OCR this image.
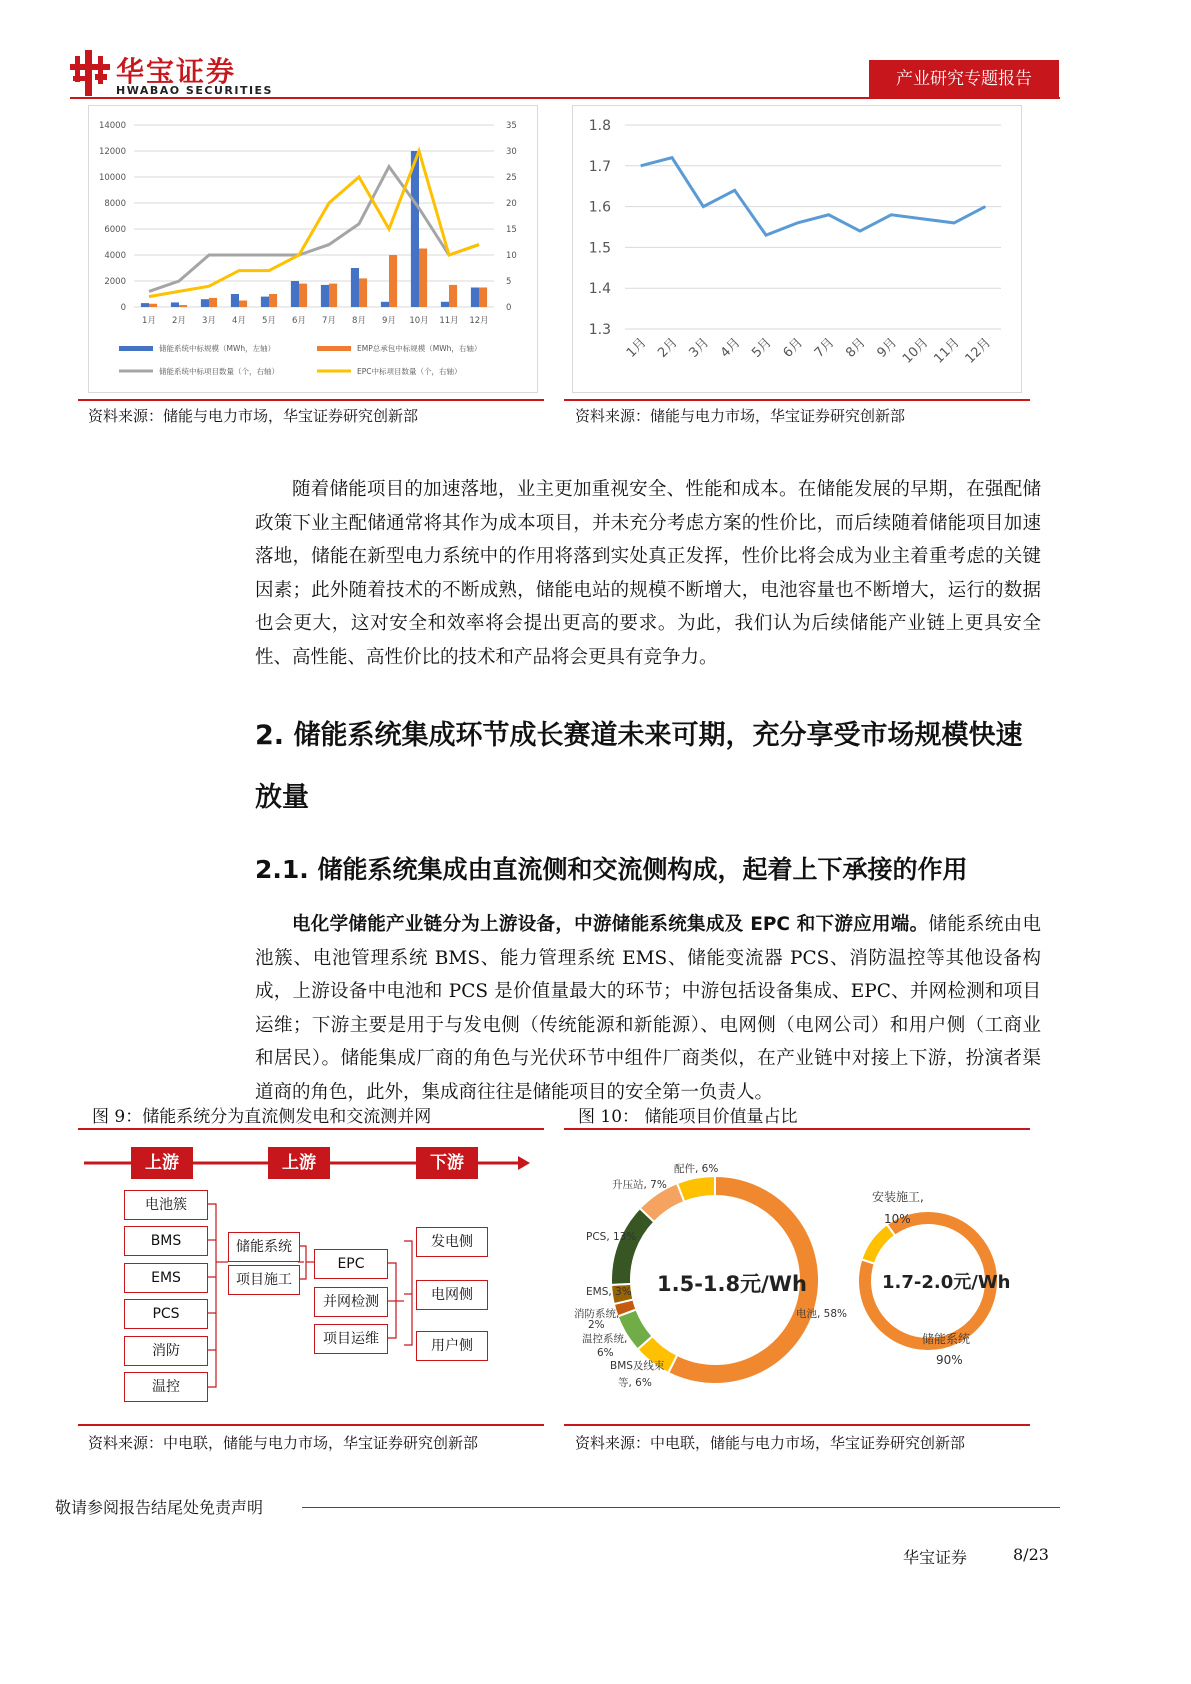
华宝证券
HWABAO SECURITIES
产业研究专题报告
14000
12000
10000
8000
6000
4000
2000
0
35
30
25
20
15
10
5
0
1月 2月 3月 4月 5月 6月 7月 8月 9月 10月 11月 12月
储能系统中标规模（MWh，左轴）	EMP总承包中标规模（MWh，右轴）
储能系统中标项目数量（个，右轴）	EPC中标项目数量（个，右轴）
资料来源：储能与电力市场，华宝证券研究创新部
1.8
1.7
1.6
1.5
1.4
1.3
1月 2月 3月 4月 5月 6月 7月 8月 9月 10月 11月 12月
资料来源：储能与电力市场，华宝证券研究创新部

随着储能项目的加速落地，业主更加重视安全、性能和成本。在储能发展的早期，在强配储政策下业主配储通常将其作为成本项目，并未充分考虑方案的性价比，而后续随着储能项目加速落地，储能在新型电力系统中的作用将落到实处真正发挥，性价比将会成为业主着重考虑的关键因素；此外随着技术的不断成熟，储能电站的规模不断增大，电池容量也不断增大，运行的数据也会更大，这对安全和效率将会提出更高的要求。为此，我们认为后续储能产业链上更具安全性、高性能、高性价比的技术和产品将会更具有竞争力。

2. 储能系统集成环节成长赛道未来可期，充分享受市场规模快速放量
2.1. 储能系统集成由直流侧和交流侧构成，起着上下承接的作用

电化学储能产业链分为上游设备，中游储能系统集成及 EPC 和下游应用端。储能系统由电池簇、电池管理系统 BMS、能力管理系统 EMS、储能变流器 PCS、消防温控等其他设备构成，上游设备中电池和 PCS 是价值量最大的环节；中游包括设备集成、EPC、并网检测和项目运维；下游主要是用于与发电侧（传统能源和新能源）、电网侧（电网公司）和用户侧（工商业和居民）。储能集成厂商的角色与光伏环节中组件厂商类似，在产业链中对接上下游，扮演者渠道商的角色，此外，集成商往往是储能项目的安全第一负责人。

图 9：储能系统分为直流侧发电和交流测并网
上游	上游	下游
电池簇
BMS
EMS
PCS
消防
温控
储能系统
项目施工
EPC
并网检测
项目运维
发电侧
电网侧
用户侧
资料来源：中电联，储能与电力市场，华宝证券研究创新部
图 10： 储能项目价值量占比
电池, 58%
BMS及线束
等, 6%
温控系统,
6%
消防系统,
2%
EMS, 3%
PCS, 13%
升压站, 7%
配件, 6%
1.5-1.8元/Wh
安装施工,
10%
储能系统
90%
1.7-2.0元/Wh
资料来源：中电联，储能与电力市场，华宝证券研究创新部
敬请参阅报告结尾处免责声明
华宝证券	8/23
